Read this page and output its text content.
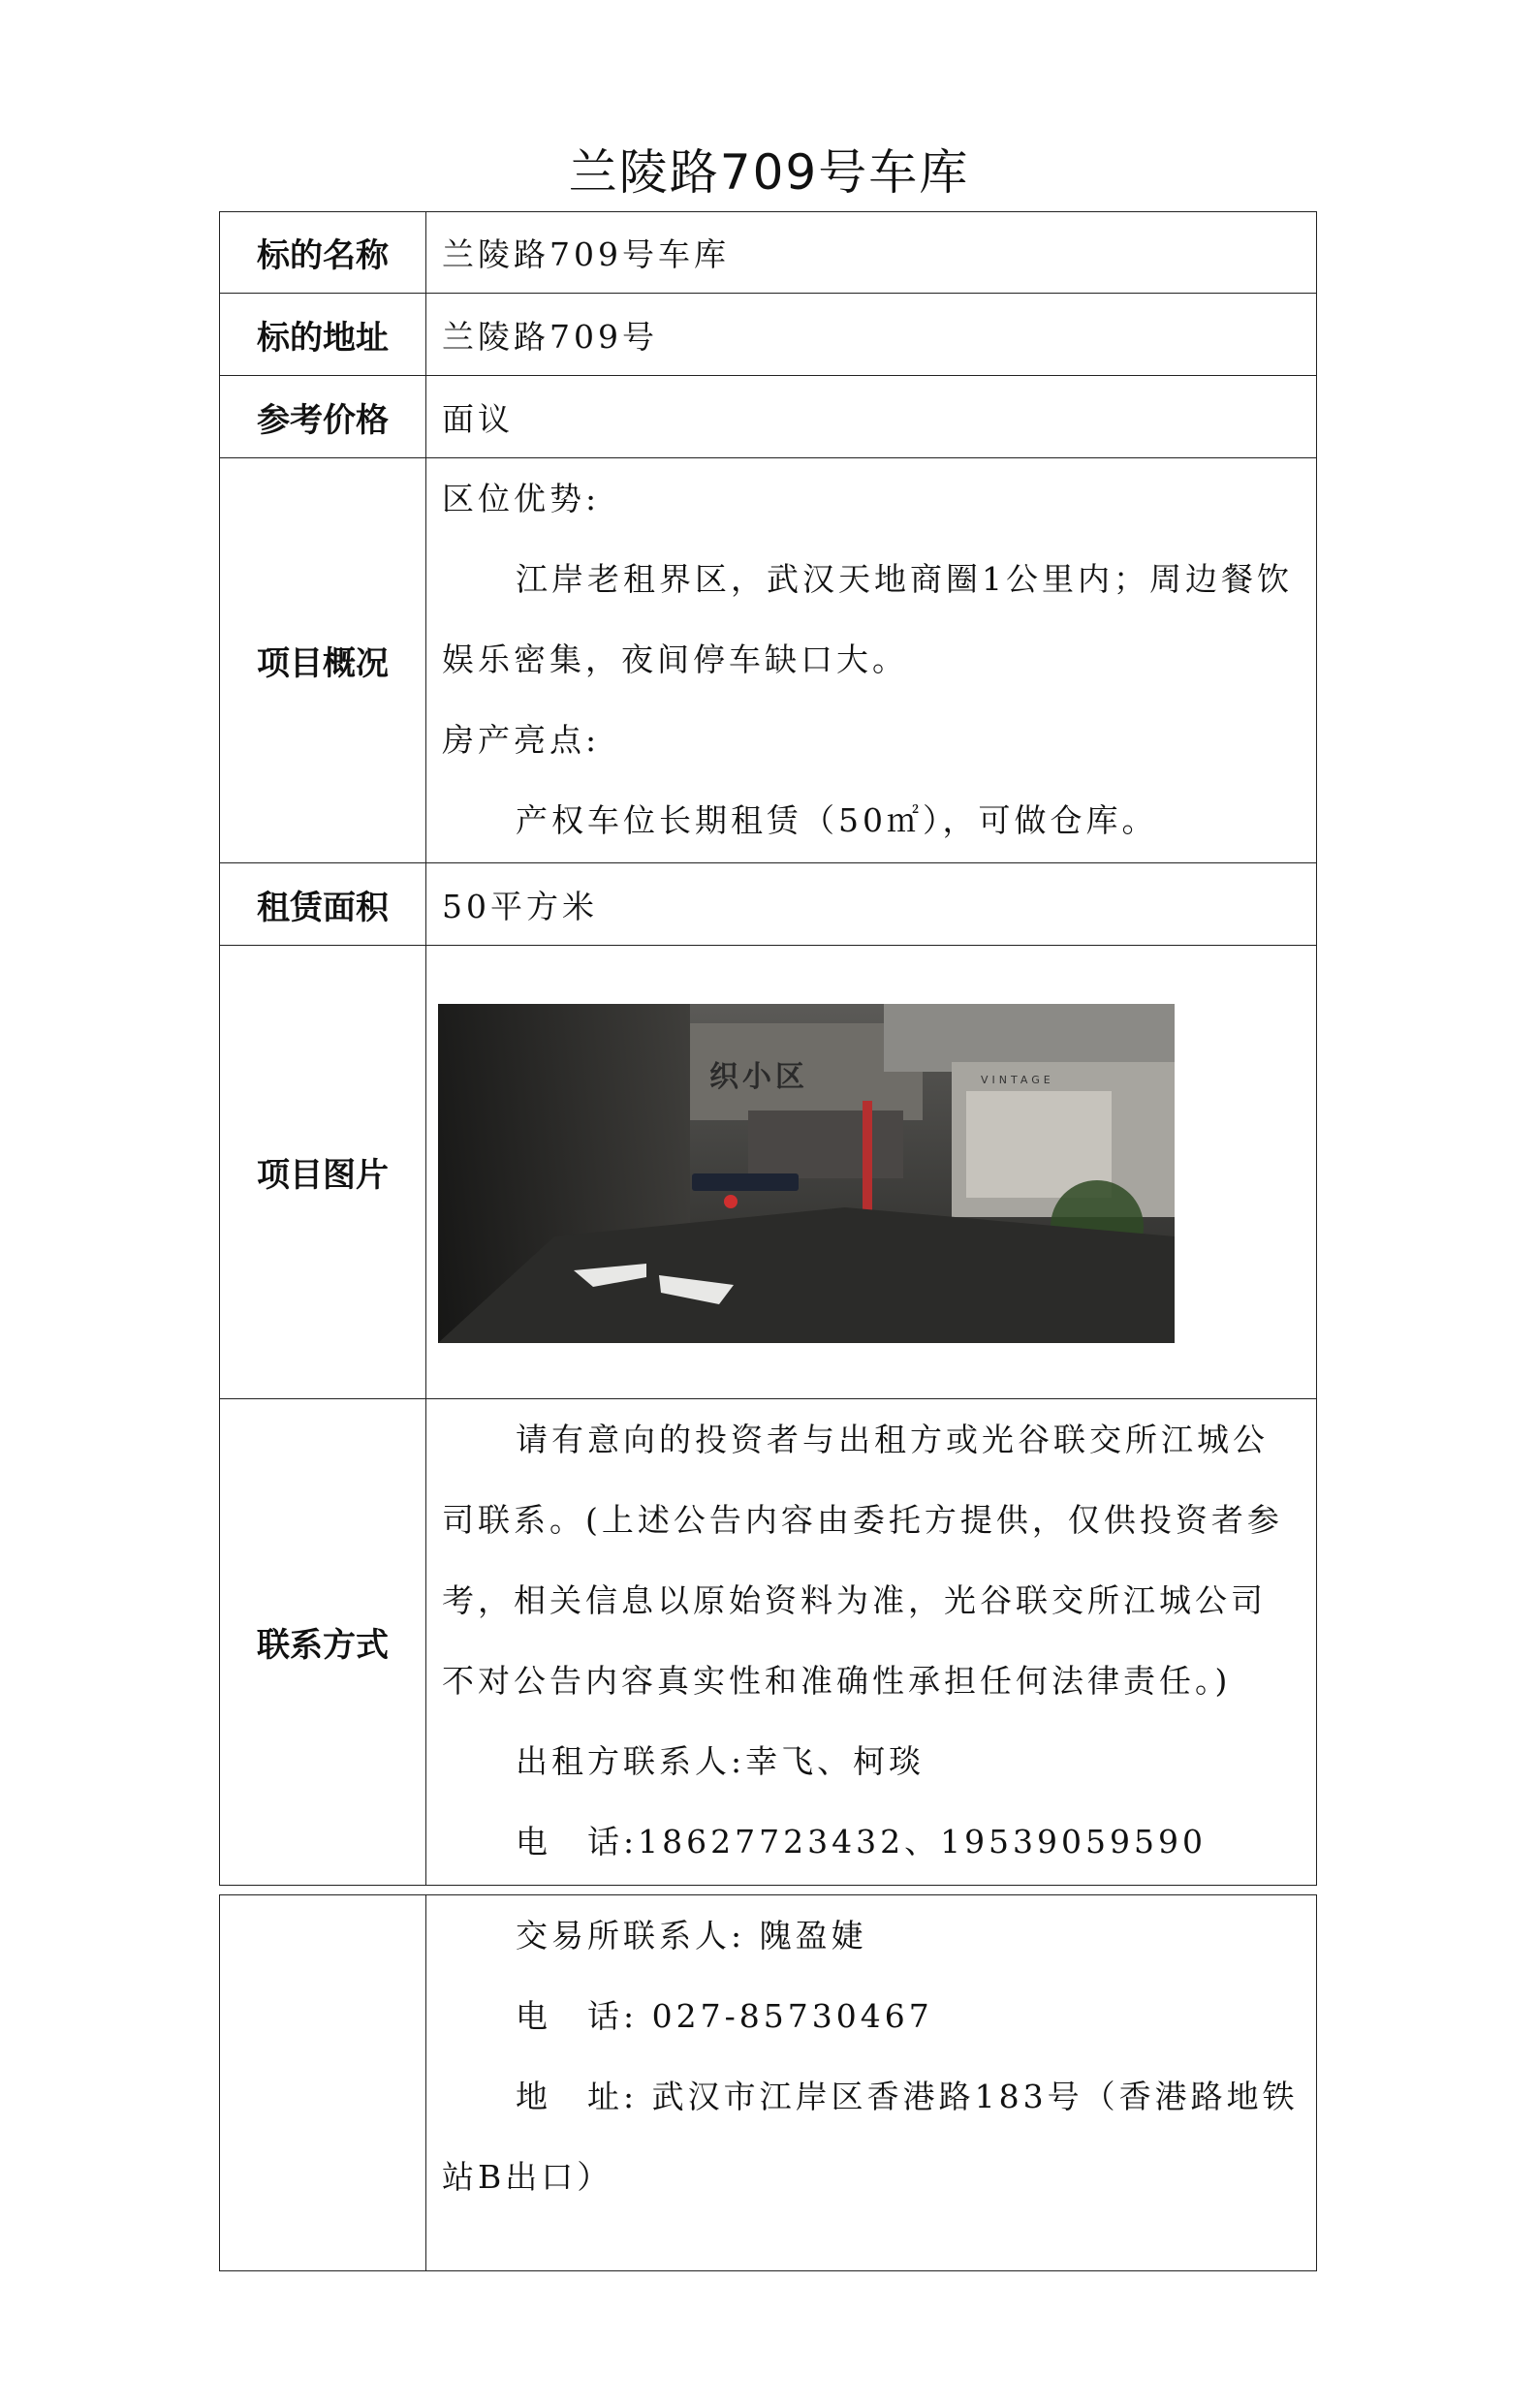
兰陵路709号车库
标的名称	兰陵路709号车库
标的地址	兰陵路709号
参考价格	面议
项目概况	区位优势:
江岸老租界区，武汉天地商圈1公里内；周边餐饮娱乐密集，夜间停车缺口大。
房产亮点:
产权车位长期租赁（50㎡），可做仓库。

租赁面积	50平方米
项目图片	织小区 VINTAGE

联系方式	请有意向的投资者与出租方或光谷联交所江城公司联系。(上述公告内容由委托方提供，仅供投资者参考，相关信息以原始资料为准，光谷联交所江城公司不对公告内容真实性和准确性承担任何法律责任。)
出租方联系人:幸飞、柯琰
电　话:18627723432、19539059590

交易所联系人: 隗盈婕
电　话: 027-85730467
地　址: 武汉市江岸区香港路183号（香港路地铁站B出口）
